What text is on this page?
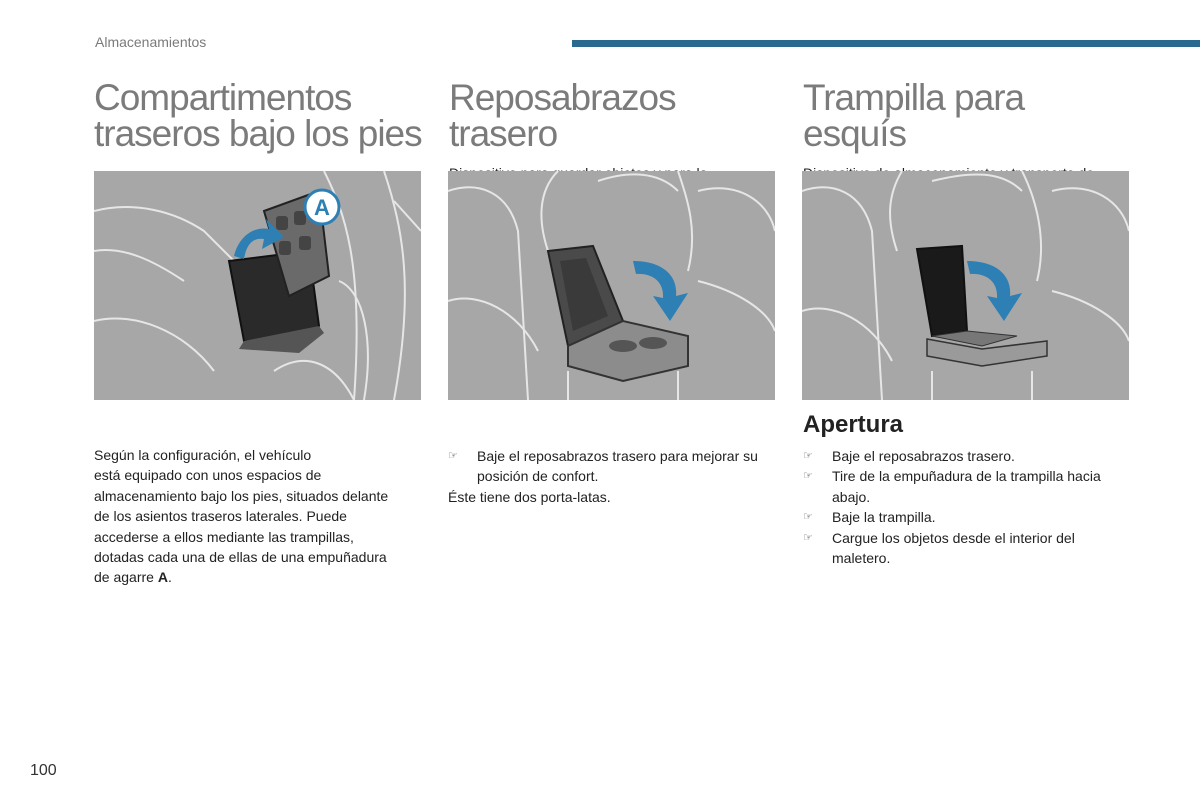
Almacenamientos
Compartimentos traseros bajo los pies
A
Según la configuración, el vehículo
está equipado con unos espacios de
almacenamiento bajo los pies, situados delante
de los asientos traseros laterales. Puede
accederse a ellos mediante las trampillas,
dotadas cada una de ellas de una empuñadura
de agarre A.
Reposabrazos trasero
☞ Baje el reposabrazos trasero para mejorar su posición de confort.
Éste tiene dos porta-latas.
Trampilla para esquís
Apertura
☞ Baje el reposabrazos trasero.
☞ Tire de la empuñadura de la trampilla hacia abajo.
☞ Baje la trampilla.
☞ Cargue los objetos desde el interior del maletero.
100
